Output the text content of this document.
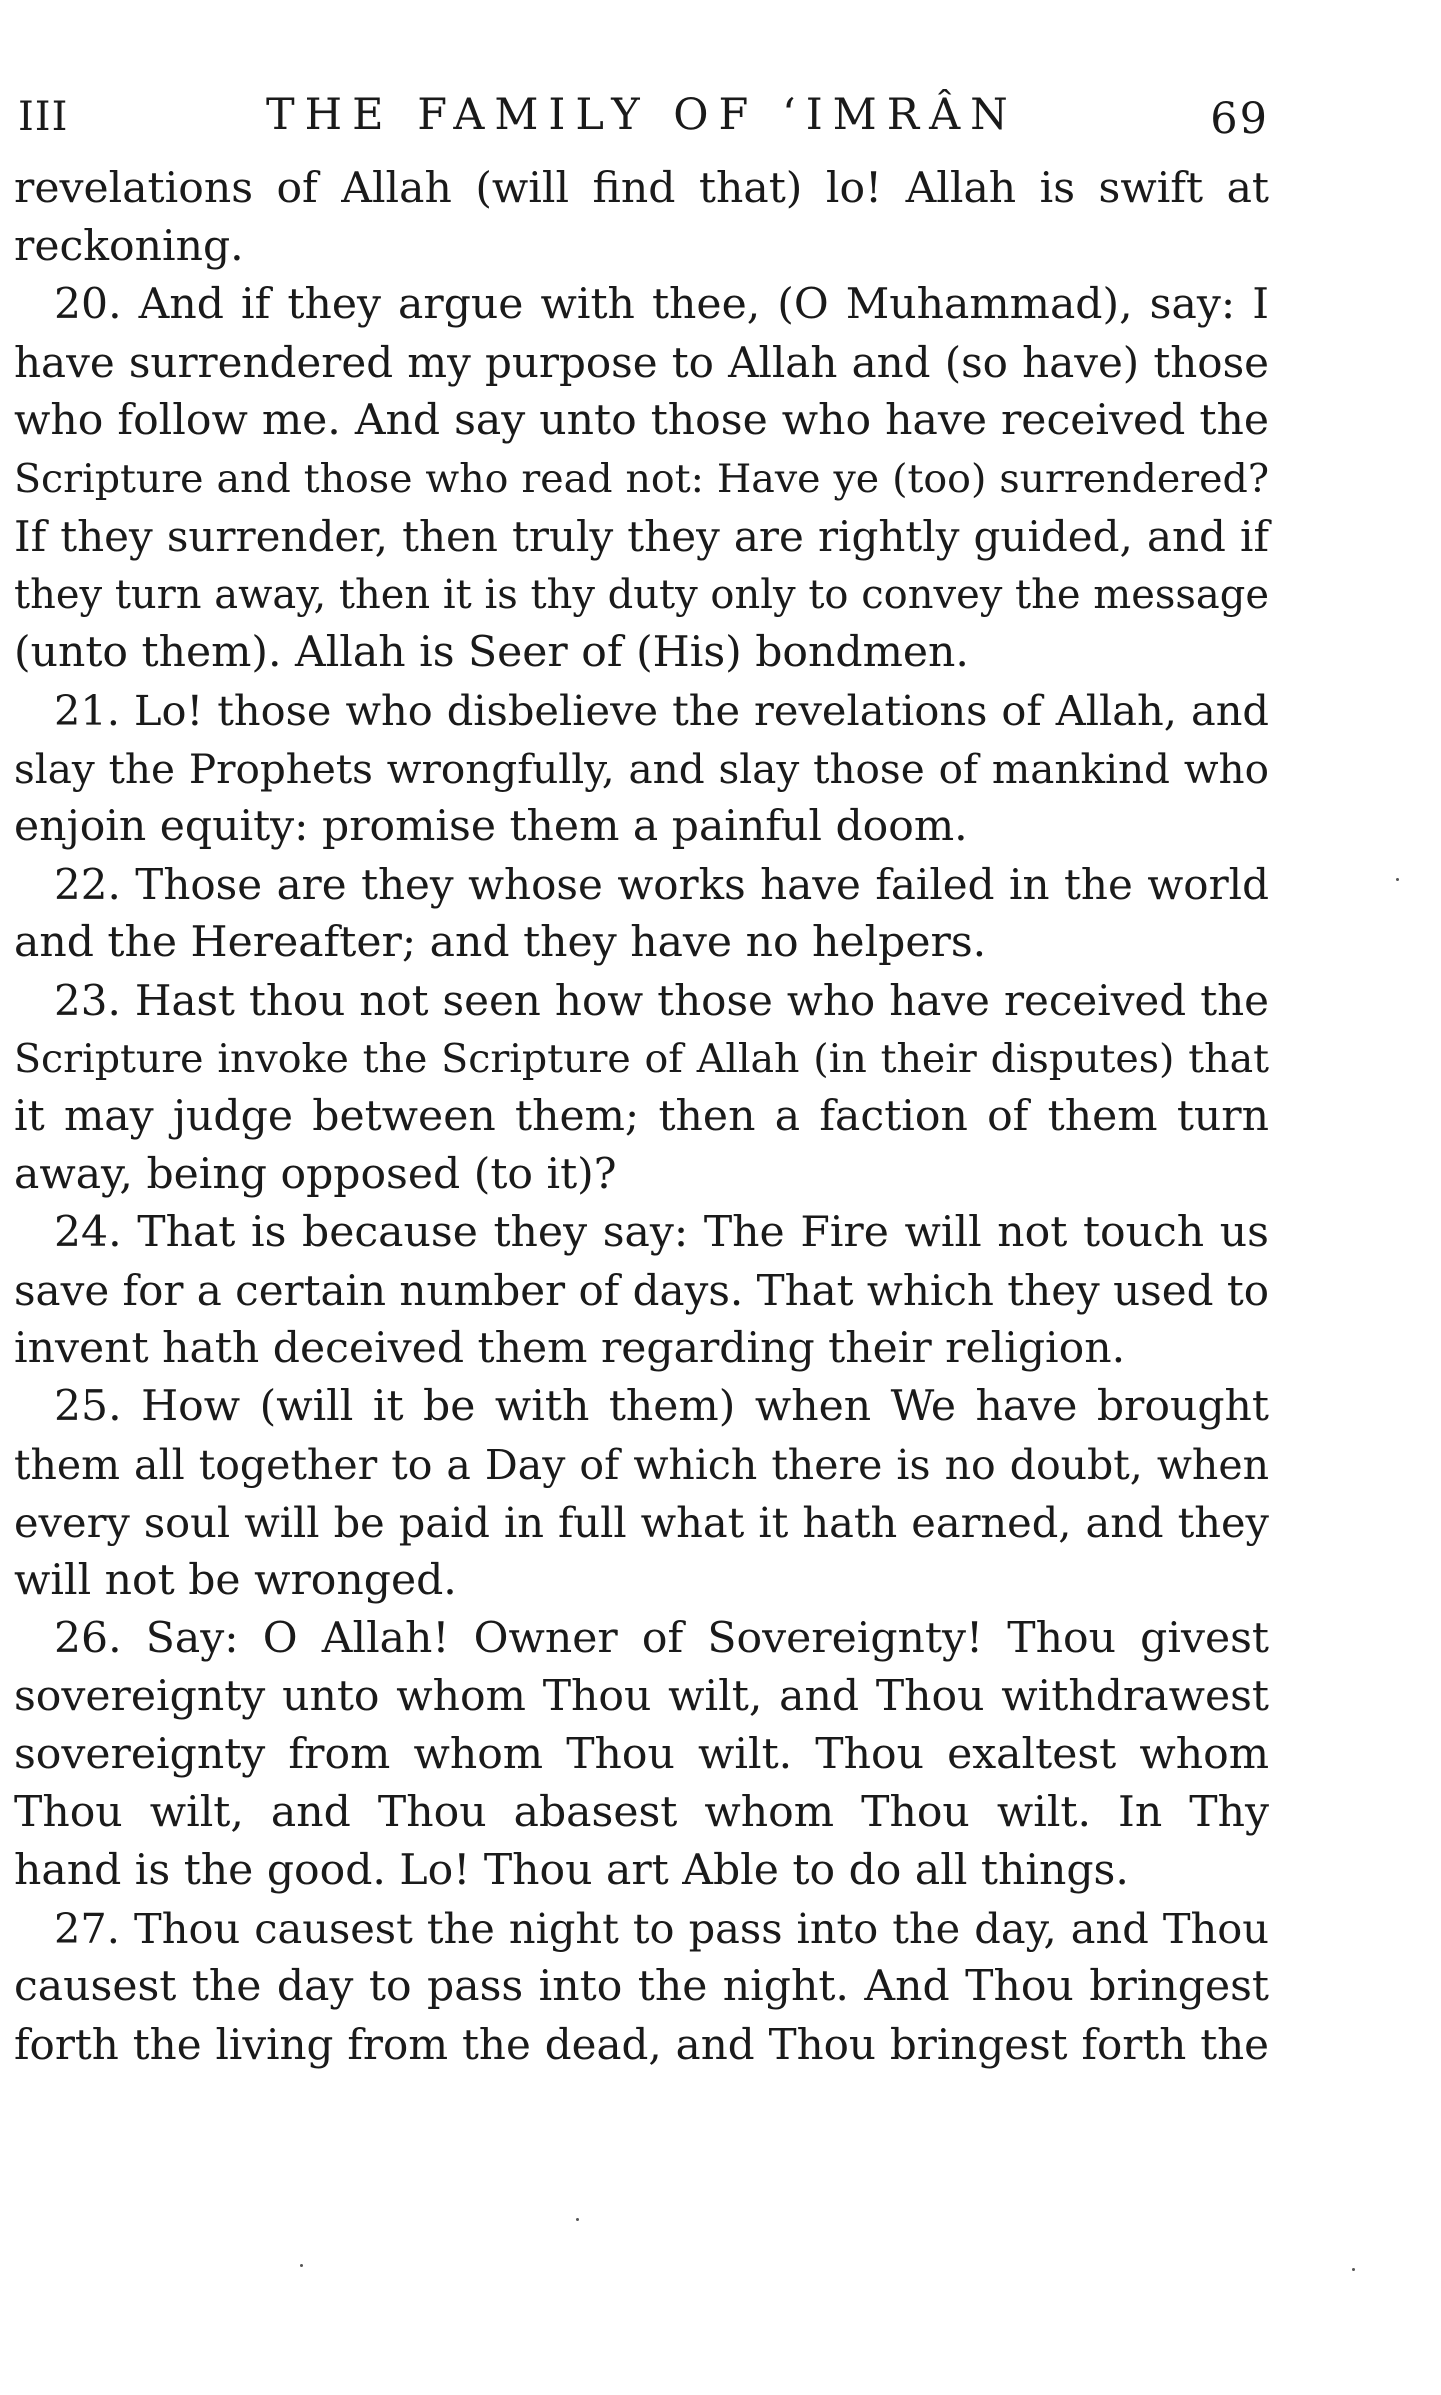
III	THE FAMILY OF ‘IMRÂN	69
revelations of Allah (will find that) lo! Allah is swift at
reckoning.
20. And if they argue with thee, (O Muhammad), say: I
have surrendered my purpose to Allah and (so have) those
who follow me. And say unto those who have received the
Scripture and those who read not: Have ye (too) surrendered?
If they surrender, then truly they are rightly guided, and if
they turn away, then it is thy duty only to convey the message
(unto them). Allah is Seer of (His) bondmen.
21. Lo! those who disbelieve the revelations of Allah, and
slay the Prophets wrongfully, and slay those of mankind who
enjoin equity: promise them a painful doom.
22. Those are they whose works have failed in the world
and the Hereafter; and they have no helpers.
23. Hast thou not seen how those who have received the
Scripture invoke the Scripture of Allah (in their disputes) that
it may judge between them; then a faction of them turn
away, being opposed (to it)?
24. That is because they say: The Fire will not touch us
save for a certain number of days. That which they used to
invent hath deceived them regarding their religion.
25. How (will it be with them) when We have brought
them all together to a Day of which there is no doubt, when
every soul will be paid in full what it hath earned, and they
will not be wronged.
26. Say: O Allah! Owner of Sovereignty! Thou givest
sovereignty unto whom Thou wilt, and Thou withdrawest
sovereignty from whom Thou wilt. Thou exaltest whom
Thou wilt, and Thou abasest whom Thou wilt. In Thy
hand is the good. Lo! Thou art Able to do all things.
27. Thou causest the night to pass into the day, and Thou
causest the day to pass into the night. And Thou bringest
forth the living from the dead, and Thou bringest forth the
